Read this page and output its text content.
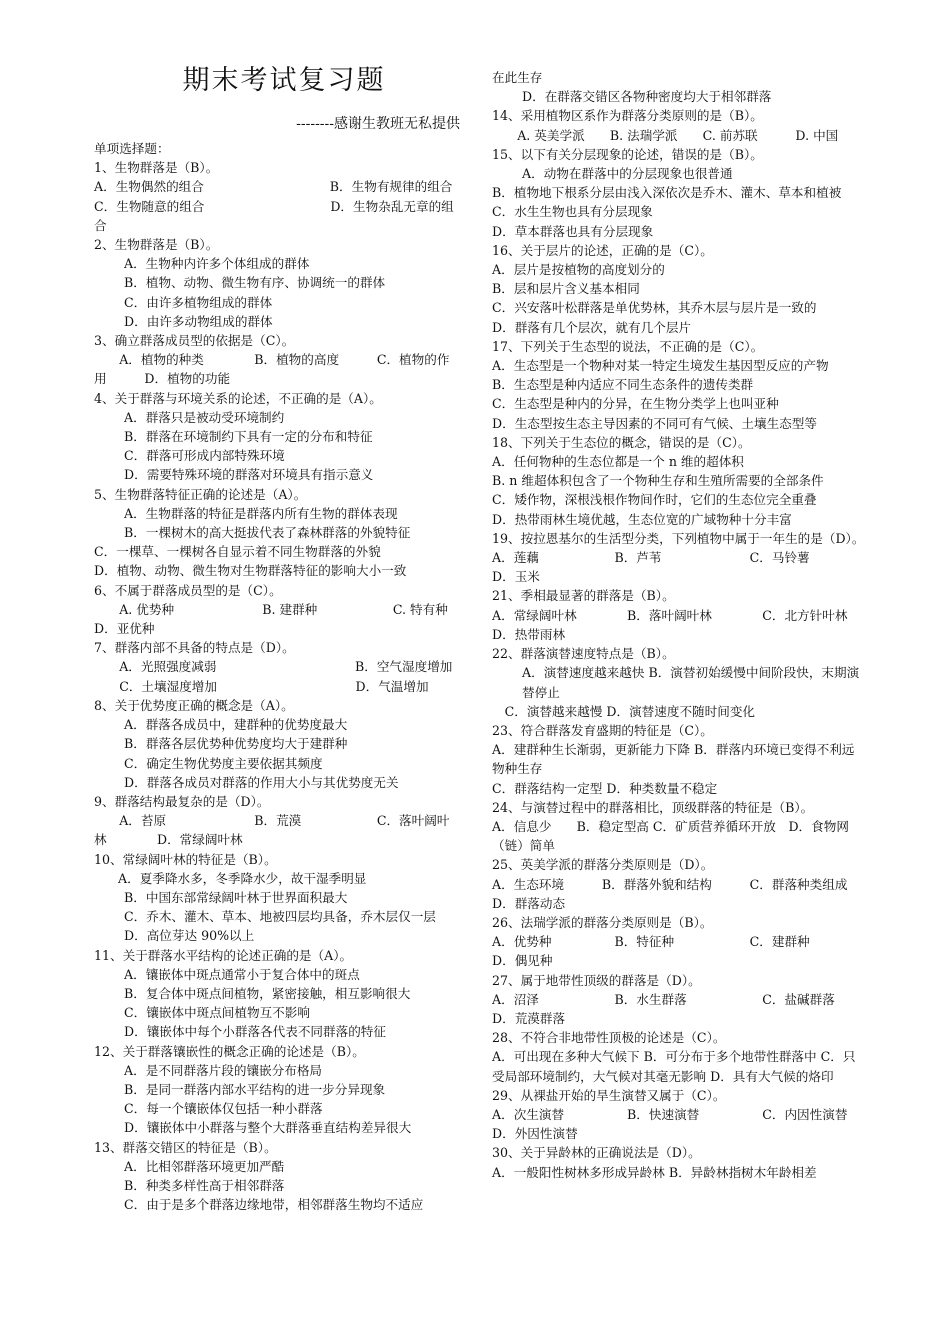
期末考试复习题
--------感谢生教班无私提供
单项选择题：
1、生物群落是（B）。
A．生物偶然的组合　　　　　　　　　　B．生物有规律的组合
C．生物随意的组合　　　　　　　　　　D．生物杂乱无章的组合
2、生物群落是（B）。
A．生物种内许多个体组成的群体
B．植物、动物、微生物有序、协调统一的群体
C．由许多植物组成的群体
D．由许多动物组成的群体
3、确立群落成员型的依据是（C）。
　　A．植物的种类　　　　B．植物的高度　　　C．植物的作用　　　D．植物的功能
4、关于群落与环境关系的论述，不正确的是（A）。
A．群落只是被动受环境制约
B．群落在环境制约下具有一定的分布和特征
C．群落可形成内部特殊环境
D．需要特殊环境的群落对环境具有指示意义
5、生物群落特征正确的论述是（A）。
A．生物群落的特征是群落内所有生物的群体表现
B．一棵树木的高大挺拔代表了森林群落的外貌特征
C．一棵草、一棵树各自显示着不同生物群落的外貌
D．植物、动物、微生物对生物群落特征的影响大小一致
6、不属于群落成员型的是（C）。
　　A. 优势种　　　　　　　B. 建群种　　　　　　C. 特有种　　　　D．亚优种
7、群落内部不具备的特点是（D）。
　　A．光照强度减弱　　　　　　　　　　　B．空气湿度增加
　　C．土壤湿度增加　　　　　　　　　　　D．气温增加
8、关于优势度正确的概念是（A）。
A．群落各成员中，建群种的优势度最大
B．群落各层优势种优势度均大于建群种
C．确定生物优势度主要依据其频度
D．群落各成员对群落的作用大小与其优势度无关
9、群落结构最复杂的是（D）。
　　A．苔原　　　　　　　B．荒漠　　　　　　C．落叶阔叶林　　　　D．常绿阔叶林
10、常绿阔叶林的特征是（B）。
A．夏季降水多，冬季降水少，故干湿季明显
B．中国东部常绿阔叶林于世界面积最大
C．乔木、灌木、草本、地被四层均具备，乔木层仅一层
D．高位芽达 90%以上
11、关于群落水平结构的论述正确的是（A）。
A．镶嵌体中斑点通常小于复合体中的斑点
B．复合体中斑点间植物，紧密接触，相互影响很大
C．镶嵌体中斑点间植物互不影响
D．镶嵌体中每个小群落各代表不同群落的特征
12、关于群落镶嵌性的概念正确的论述是（B）。
A．是不同群落片段的镶嵌分布格局
B．是同一群落内部水平结构的进一步分异现象
C．每一个镶嵌体仅包括一种小群落
D．镶嵌体中小群落与整个大群落垂直结构差异很大
13、群落交错区的特征是（B）。
A．比相邻群落环境更加严酷
B．种类多样性高于相邻群落
C．由于是多个群落边缘地带，相邻群落生物均不适应
在此生存
D．在群落交错区各物种密度均大于相邻群落
14、采用植物区系作为群落分类原则的是（B）。
　　A. 英美学派　　B. 法瑞学派　　C. 前苏联　　　D. 中国
15、以下有关分层现象的论述，错误的是（B）。
A．动物在群落中的分层现象也很普通
B．植物地下根系分层由浅入深依次是乔木、灌木、草本和植被
C．水生生物也具有分层现象
D．草本群落也具有分层现象
16、关于层片的论述，正确的是（C）。
A．层片是按植物的高度划分的
B．层和层片含义基本相同
C．兴安落叶松群落是单优势林，其乔木层与层片是一致的
D．群落有几个层次，就有几个层片
17、下列关于生态型的说法，不正确的是（C）。
A．生态型是一个物种对某一特定生境发生基因型反应的产物
B．生态型是种内适应不同生态条件的遗传类群
C．生态型是种内的分异，在生物分类学上也叫亚种
D．生态型按生态主导因素的不同可有气候、土壤生态型等
18、下列关于生态位的概念，错误的是（C）。
A．任何物种的生态位都是一个 n 维的超体积
B. n 维超体积包含了一个物种生存和生殖所需要的全部条件
C．矮作物，深根浅根作物间作时，它们的生态位完全重叠
D．热带雨林生境优越，生态位宽的广域物种十分丰富
19、按拉恩基尔的生活型分类，下列植物中属于一年生的是（D）。
A．莲藕　　　　　　B．芦苇　　　　　　　C．马铃薯　　　D．玉米
21、季相最显著的群落是（B）。
A．常绿阔叶林　　　　B．落叶阔叶林　　　　C．北方针叶林　　　D．热带雨林
22、群落演替速度特点是（B）。
A．演替速度越来越快 B．演替初始缓慢中间阶段快，末期演替停止
　C．演替越来越慢 D．演替速度不随时间变化
23、符合群落发育盛期的特征是（C）。
A．建群种生长渐弱，更新能力下降 B．群落内环境已变得不利远物种生存
C．群落结构一定型 D．种类数量不稳定
24、与演替过程中的群落相比，顶级群落的特征是（B）。
A．信息少　　B．稳定型高 C．矿质营养循环开放　D．食物网（链）简单
25、英美学派的群落分类原则是（D）。
A．生态环境　　　B．群落外貌和结构　　　C．群落种类组成　　　D．群落动态
26、法瑞学派的群落分类原则是（B）。
A．优势种　　　　　B．特征种　　　　　　C．建群种　　　D．偶见种
27、属于地带性顶级的群落是（D）。
A．沼泽　　　　　　B．水生群落　　　　　　C．盐碱群落　　D．荒漠群落
28、不符合非地带性顶极的论述是（C）。
A．可出现在多种大气候下 B．可分布于多个地带性群落中 C．只受局部环境制约，大气候对其毫无影响 D．具有大气候的烙印
29、从裸盐开始的旱生演替又属于（C）。
A．次生演替　　　　　B．快速演替　　　　　C．内因性演替　　　D．外因性演替
30、关于异龄林的正确说法是（D）。
A．一般阳性树林多形成异龄林 B．异龄林指树木年龄相差
